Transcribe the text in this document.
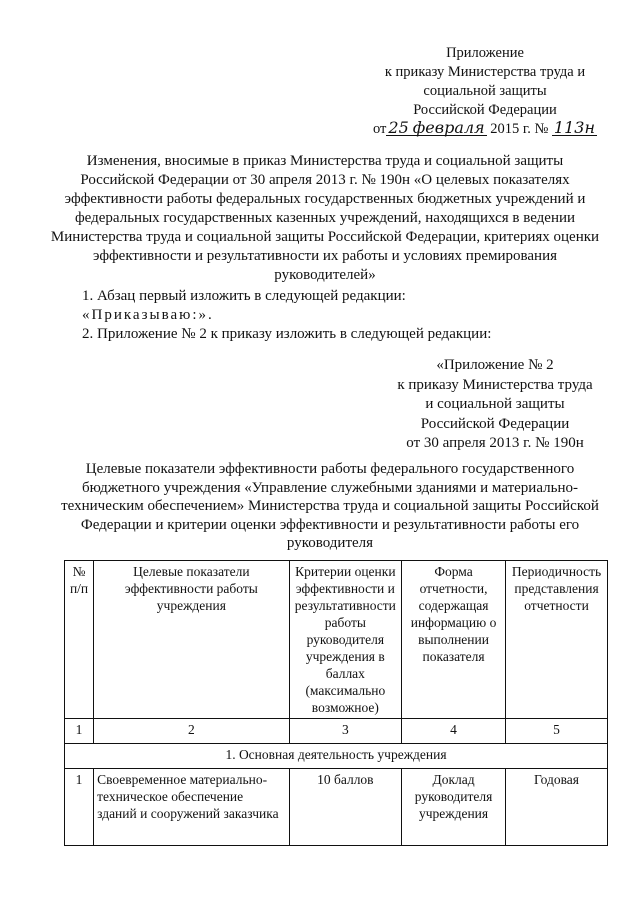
Приложение
к приказу Министерства труда и
социальной защиты
Российской Федерации
от 25 февраля 2015 г. № 113н
Изменения, вносимые в приказ Министерства труда и социальной защиты Российской Федерации от 30 апреля 2013 г. № 190н «О целевых показателях эффективности работы федеральных государственных бюджетных учреждений и федеральных государственных казенных учреждений, находящихся в ведении Министерства труда и социальной защиты Российской Федерации, критериях оценки эффективности и результативности их работы и условиях премирования руководителей»
1. Абзац первый изложить в следующей редакции:
«Приказываю:».
2. Приложение № 2 к приказу изложить в следующей редакции:
«Приложение № 2
к приказу Министерства труда
и социальной защиты
Российской Федерации
от 30 апреля 2013 г. № 190н
Целевые показатели эффективности работы федерального государственного бюджетного учреждения «Управление служебными зданиями и материально-техническим обеспечением» Министерства труда и социальной защиты Российской Федерации и критерии оценки эффективности и результативности работы его руководителя
№ п/п	Целевые показатели эффективности работы учреждения	Критерии оценки эффективности и результативности работы руководителя учреждения в баллах (максимально возможное)	Форма отчетности, содержащая информацию о выполнении показателя	Периодичность представления отчетности
1	2	3	4	5
1. Основная деятельность учреждения				
1	Своевременное материально-техническое обеспечение зданий и сооружений заказчика	10 баллов	Доклад руководителя учреждения	Годовая
